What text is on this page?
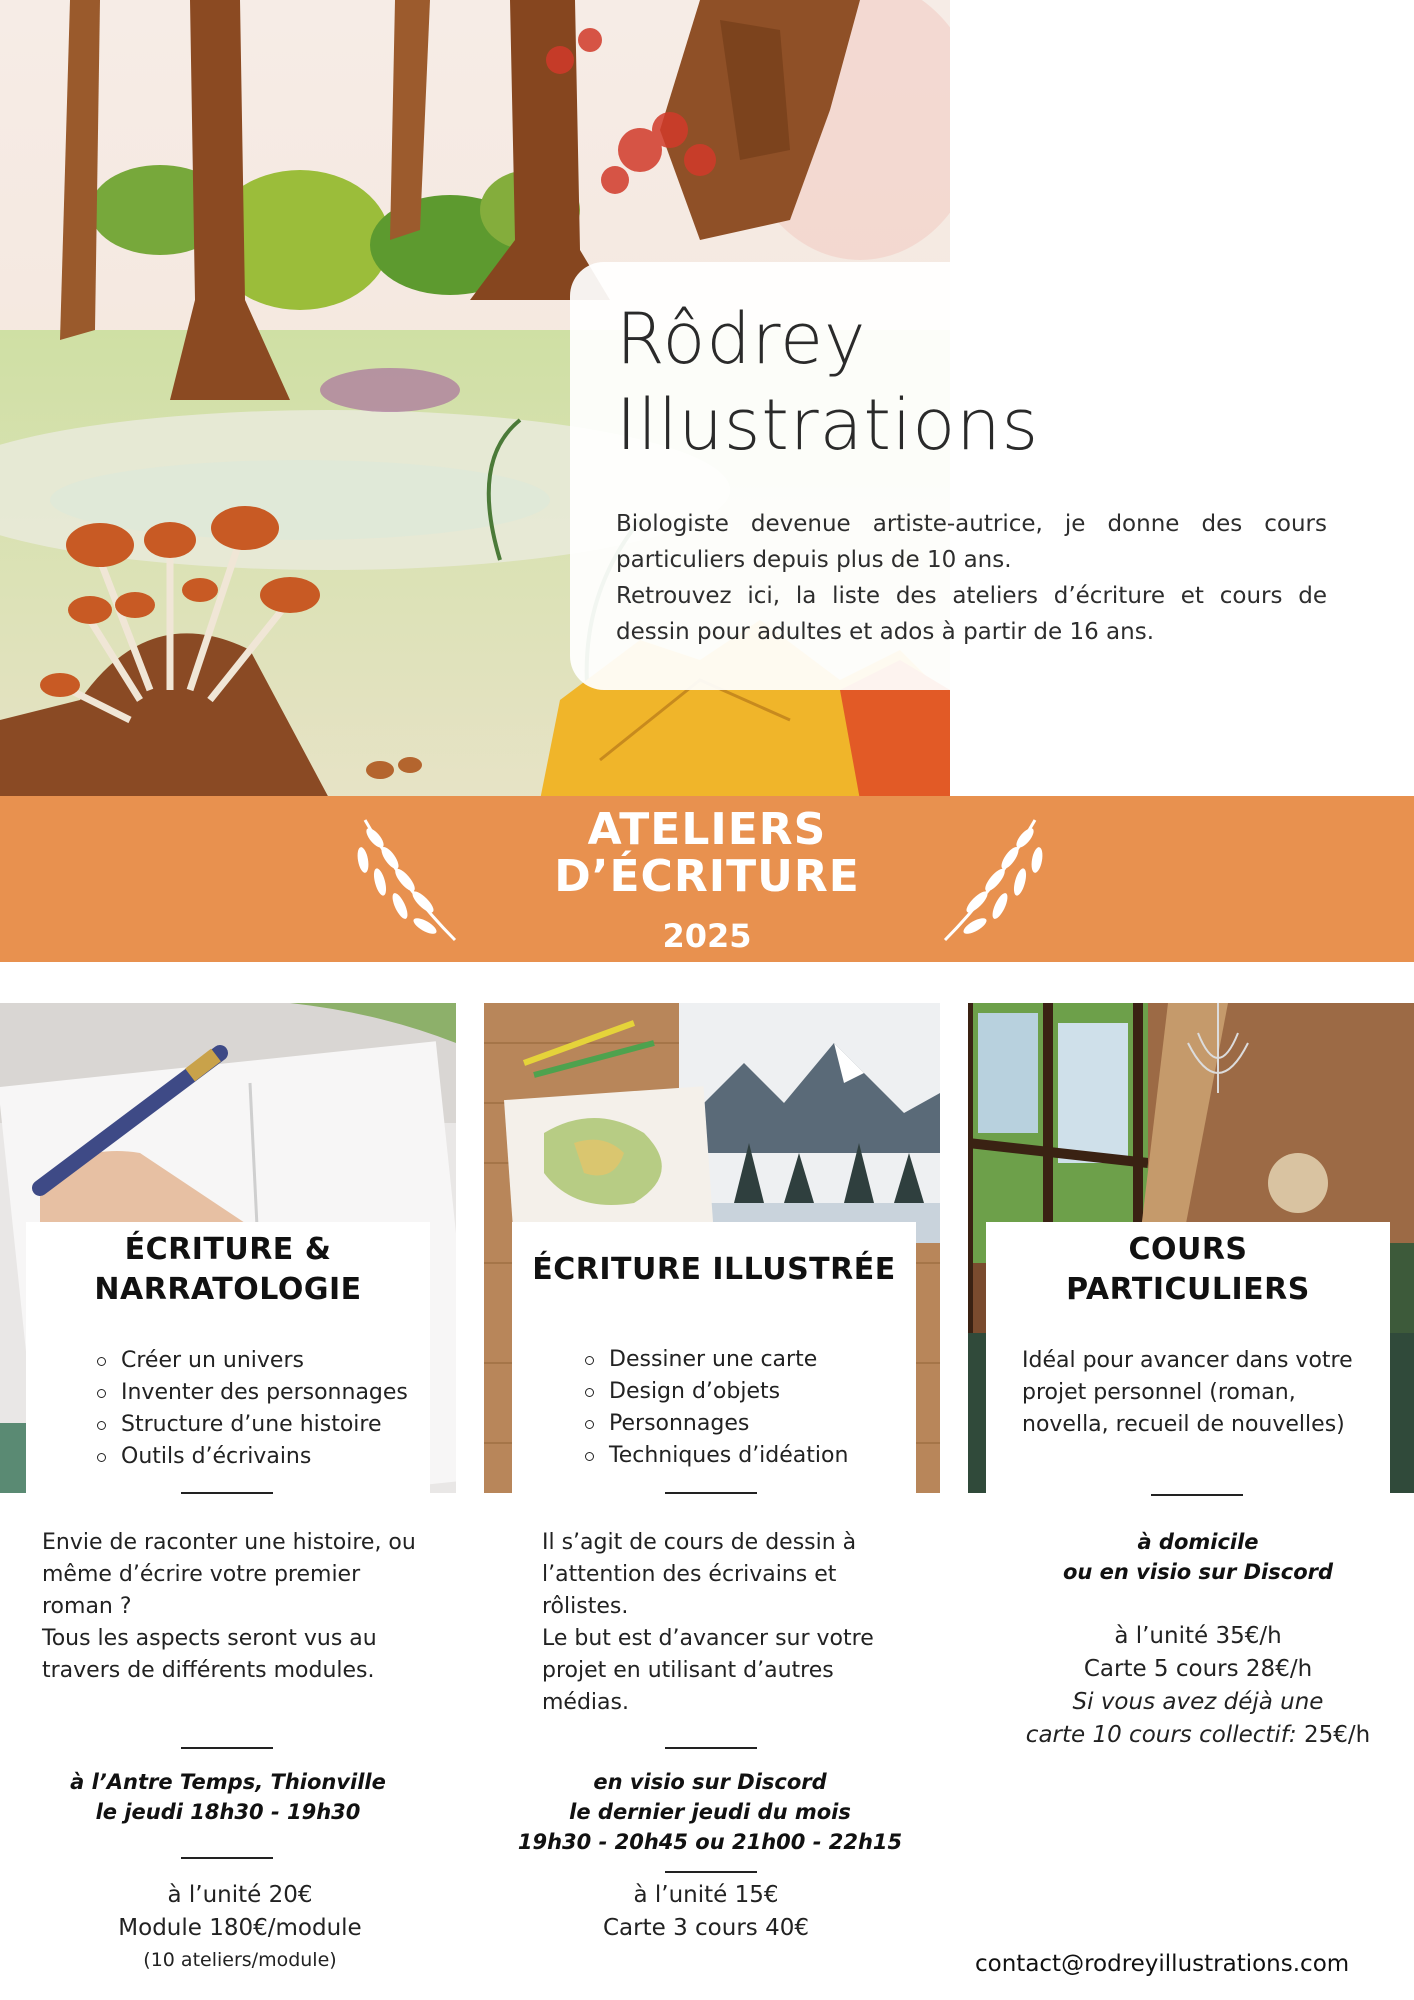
Rôdrey
Illustrations

Biologiste devenue artiste-autrice, je donne des cours particuliers depuis plus de 10 ans.

Retrouvez ici, la liste des ateliers d’écriture et cours de dessin pour adultes et ados à partir de 16 ans.

ATELIERS
D’ÉCRITURE
2025
ÉCRITURE &
NARRATOLOGIE
Créer un univers
Inventer des personnages
Structure d’une histoire
Outils d’écrivains
ÉCRITURE ILLUSTRÉE
Dessiner une carte
Design d’objets
Personnages
Techniques d’idéation
COURS
PARTICULIERS
Idéal pour avancer dans votre
projet personnel (roman,
novella, recueil de nouvelles)
Envie de raconter une histoire, ou
même d’écrire votre premier
roman ?
Tous les aspects seront vus au
travers de différents modules.
à l’Antre Temps, Thionville
le jeudi 18h30 - 19h30
à l’unité 20€
Module 180€/module
(10 ateliers/module)
Il s’agit de cours de dessin à
l’attention des écrivains et
rôlistes.
Le but est d’avancer sur votre
projet en utilisant d’autres
médias.
en visio sur Discord
le dernier jeudi du mois
19h30 - 20h45 ou 21h00 - 22h15
à l’unité 15€
Carte 3 cours 40€
à domicile
ou en visio sur Discord
à l’unité 35€/h
Carte 5 cours 28€/h
Si vous avez déjà une
carte 10 cours collectif: 25€/h
contact@rodreyillustrations.com
